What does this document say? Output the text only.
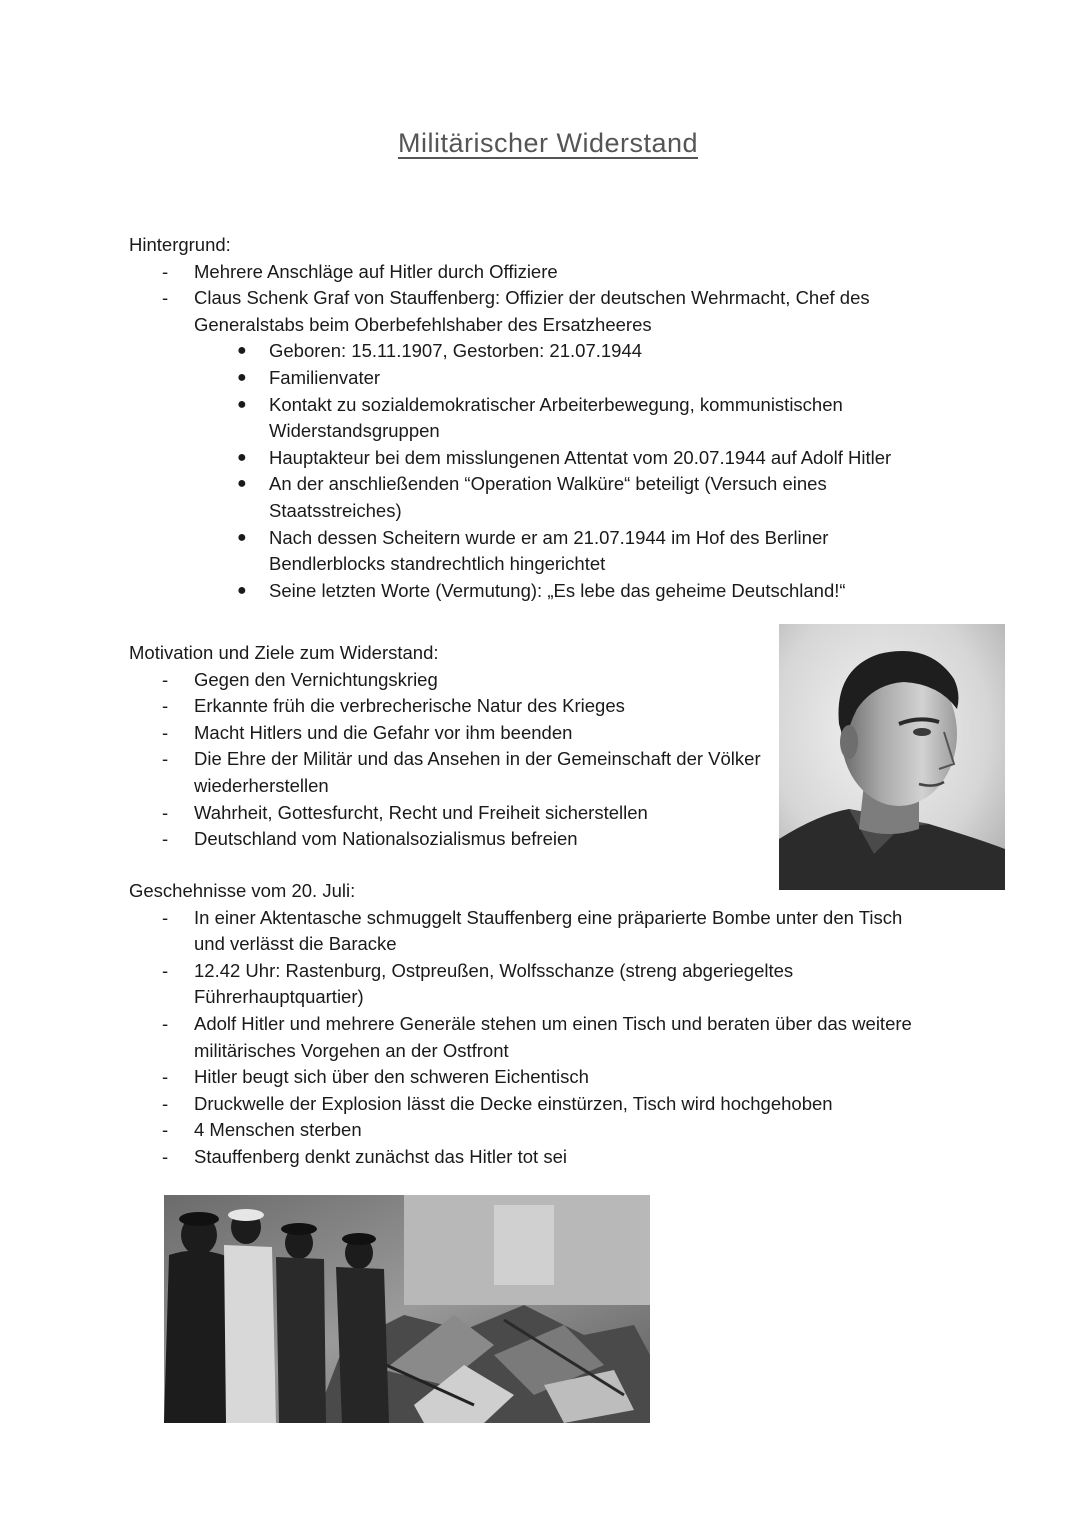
Militärischer Widerstand

Hintergrund:

- Mehrere Anschläge auf Hitler durch Offiziere
- Claus Schenk Graf von Stauffenberg: Offizier der deutschen Wehrmacht, Chef des Generalstabs beim Oberbefehlshaber des Ersatzheeres
● Geboren: 15.11.1907, Gestorben: 21.07.1944
● Familienvater
● Kontakt zu sozialdemokratischer Arbeiterbewegung, kommunistischen Widerstandsgruppen
● Hauptakteur bei dem misslungenen Attentat vom 20.07.1944 auf Adolf Hitler
● An der anschließenden “Operation Walküre“ beteiligt (Versuch eines Staatsstreiches)
● Nach dessen Scheitern wurde er am 21.07.1944 im Hof des Berliner Bendlerblocks standrechtlich hingerichtet
● Seine letzten Worte (Vermutung): „Es lebe das geheime Deutschland!“

Motivation und Ziele zum Widerstand:

- Gegen den Vernichtungskrieg
- Erkannte früh die verbrecherische Natur des Krieges
- Macht Hitlers und die Gefahr vor ihm beenden
- Die Ehre der Militär und das Ansehen in der Gemeinschaft der Völker wiederherstellen
- Wahrheit, Gottesfurcht, Recht und Freiheit sicherstellen
- Deutschland vom Nationalsozialismus befreien

Geschehnisse vom 20. Juli:

- In einer Aktentasche schmuggelt Stauffenberg eine präparierte Bombe unter den Tisch und verlässt die Baracke
- 12.42 Uhr: Rastenburg, Ostpreußen, Wolfsschanze (streng abgeriegeltes Führerhauptquartier)
- Adolf Hitler und mehrere Generäle stehen um einen Tisch und beraten über das weitere militärisches Vorgehen an der Ostfront
- Hitler beugt sich über den schweren Eichentisch
- Druckwelle der Explosion lässt die Decke einstürzen, Tisch wird hochgehoben
- 4 Menschen sterben
- Stauffenberg denkt zunächst das Hitler tot sei
